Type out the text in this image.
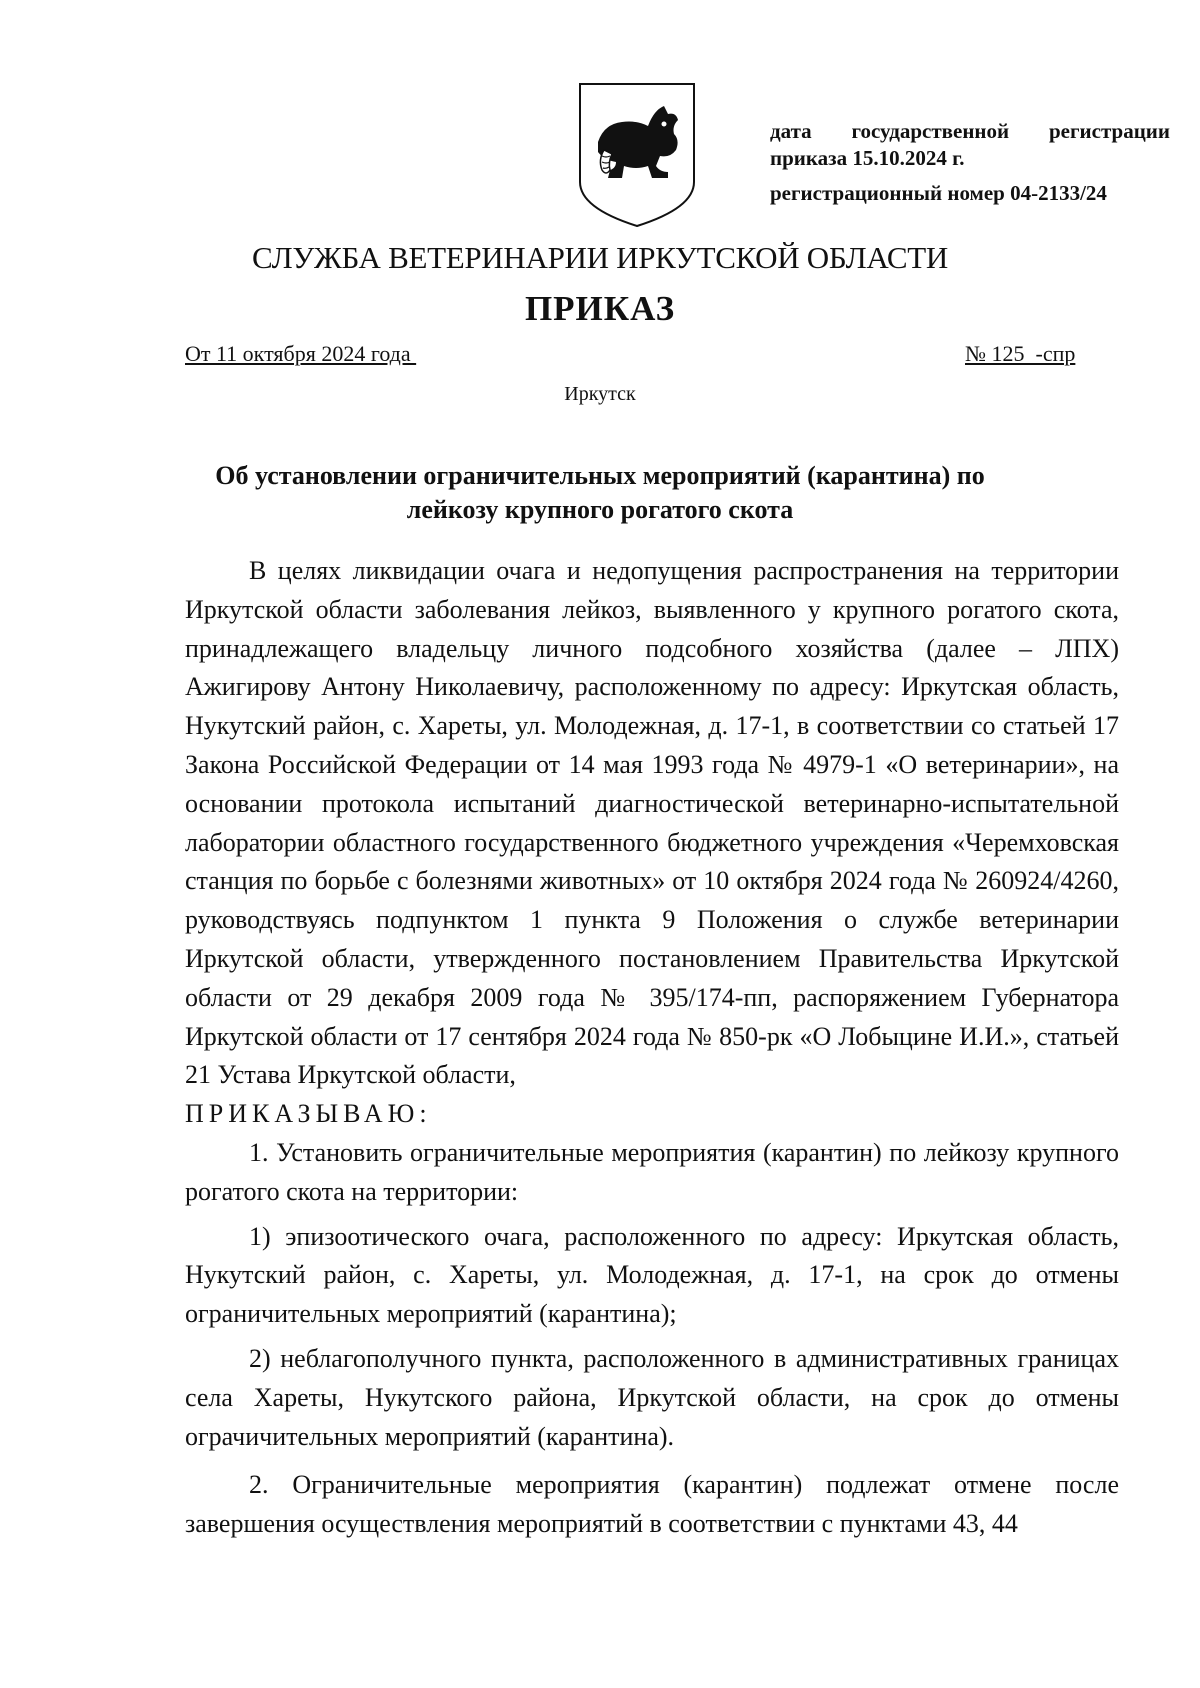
дата государственной регистрации
приказа 15.10.2024 г.
регистрационный номер 04-2133/24
СЛУЖБА ВЕТЕРИНАРИИ ИРКУТСКОЙ ОБЛАСТИ
ПРИКАЗ
От 11 октября 2024 года	№ 125  -спр
Иркутск
Об установлении ограничительных мероприятий (карантина) по
лейкозу крупного рогатого скота

В целях ликвидации очага и недопущения распространения на территории Иркутской области заболевания лейкоз, выявленного у крупного рогатого скота, принадлежащего владельцу личного подсобного хозяйства (далее – ЛПХ) Ажигирову Антону Николаевичу, расположенному по адресу: Иркутская область, Нукутский район, с. Хареты, ул. Молодежная, д. 17-1, в соответствии со статьей 17 Закона Российской Федерации от 14 мая 1993 года № 4979-1 «О ветеринарии», на основании протокола испытаний диагностической ветеринарно-испытательной лаборатории областного государственного бюджетного учреждения «Черемховская станция по борьбе с болезнями животных» от 10 октября 2024 года № 260924/4260, руководствуясь подпунктом 1 пункта 9 Положения о службе ветеринарии Иркутской области, утвержденного постановлением Правительства Иркутской области от 29 декабря 2009 года № 395/174-пп, распоряжением Губернатора Иркутской области от 17 сентября 2024 года № 850-рк «О Лобыцине И.И.», статьей 21 Устава Иркутской области,

ПРИКАЗЫВАЮ:

1. Установить ограничительные мероприятия (карантин) по лейкозу крупного рогатого скота на территории:

1) эпизоотического очага, расположенного по адресу: Иркутская область, Нукутский район, с. Хареты, ул. Молодежная, д. 17-1, на срок до отмены ограничительных мероприятий (карантина);

2) неблагополучного пункта, расположенного в административных границах села Хареты, Нукутского района, Иркутской области, на срок до отмены ограчичительных мероприятий (карантина).

2. Ограничительные мероприятия (карантин) подлежат отмене после завершения осуществления мероприятий в соответствии с пунктами 43, 44
